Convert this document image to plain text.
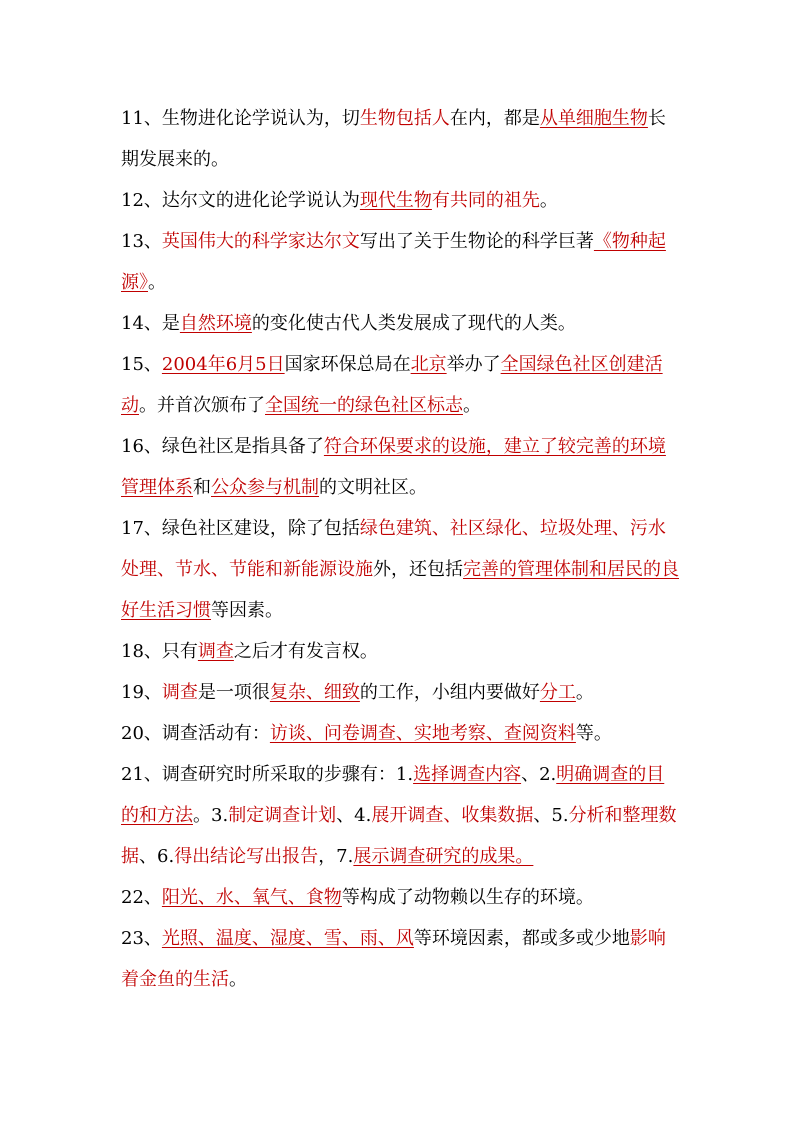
11、生物进化论学说认为，切生物包括人在内，都是从单细胞生物长期发展来的。

12、达尔文的进化论学说认为现代生物有共同的祖先。

13、英国伟大的科学家达尔文写出了关于生物论的科学巨著《物种起源》。

14、是自然环境的变化使古代人类发展成了现代的人类。

15、2004年6月5日国家环保总局在北京举办了全国绿色社区创建活动。并首次颁布了全国统一的绿色社区标志。

16、绿色社区是指具备了符合环保要求的设施，建立了较完善的环境管理体系和公众参与机制的文明社区。

17、绿色社区建设，除了包括绿色建筑、社区绿化、垃圾处理、污水处理、节水、节能和新能源设施外，还包括完善的管理体制和居民的良好生活习惯等因素。

18、只有调查之后才有发言权。

19、调查是一项很复杂、细致的工作，小组内要做好分工。

20、调查活动有：访谈、问卷调查、实地考察、查阅资料等。

21、调查研究时所采取的步骤有：1.选择调查内容、2.明确调查的目的和方法。3.制定调查计划、4.展开调查、收集数据、5.分析和整理数据、6.得出结论写出报告，7.展示调查研究的成果。

22、阳光、水、氧气、食物等构成了动物赖以生存的环境。

23、光照、温度、湿度、雪、雨、风等环境因素，都或多或少地影响着金鱼的生活。
